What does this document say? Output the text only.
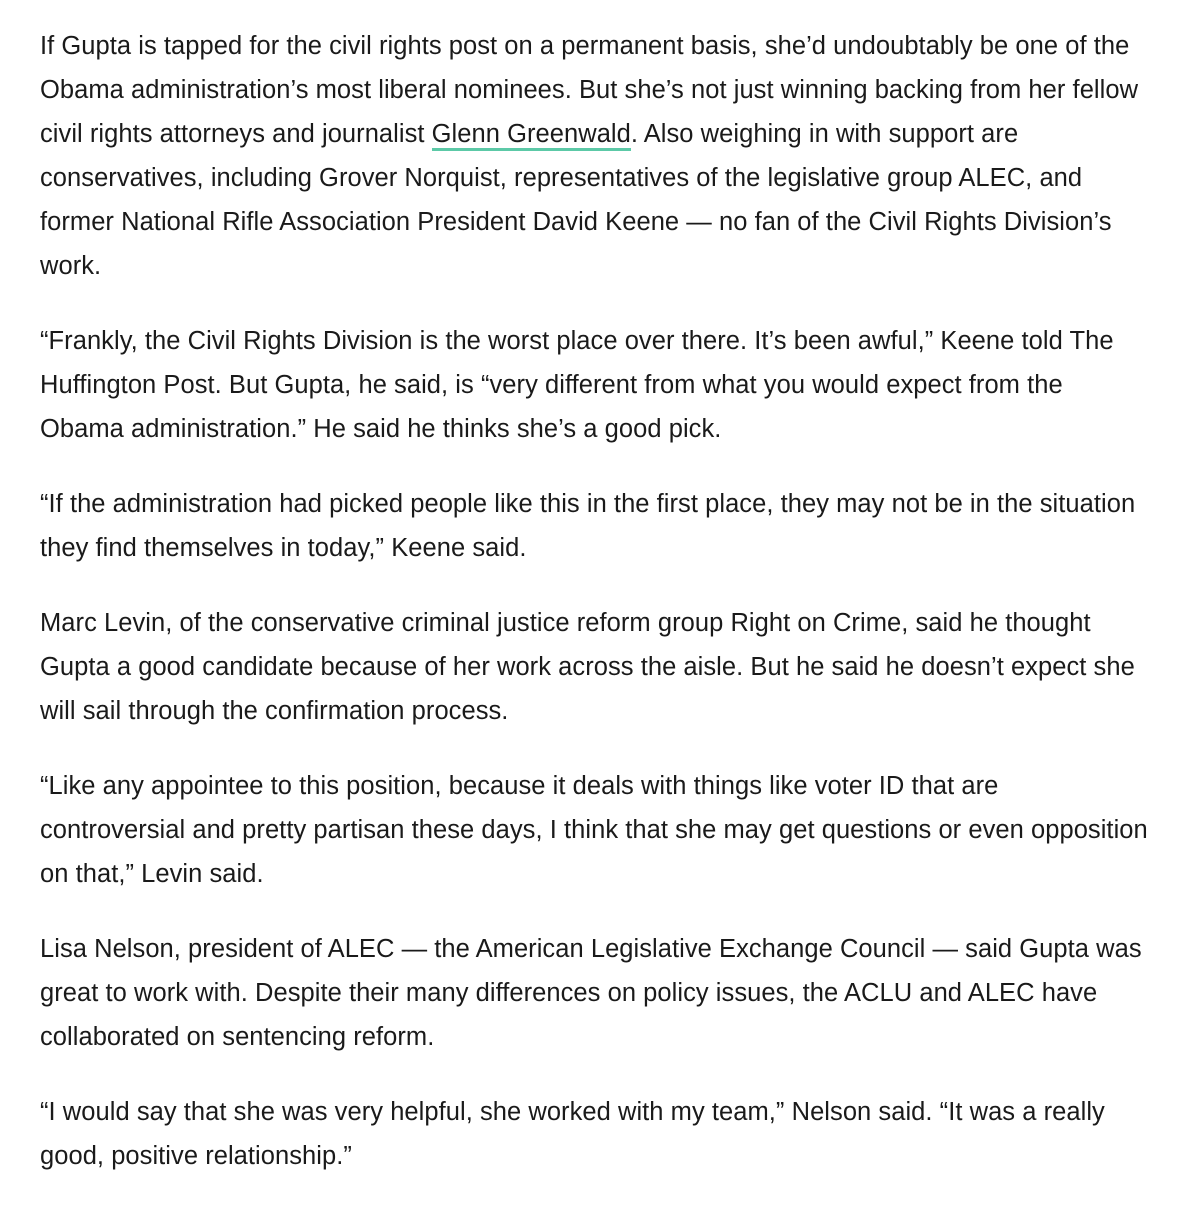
If Gupta is tapped for the civil rights post on a permanent basis, she’d undoubtably be one of the Obama administration’s most liberal nominees. But she’s not just winning backing from her fellow civil rights attorneys and journalist Glenn Greenwald. Also weighing in with support are conservatives, including Grover Norquist, representatives of the legislative group ALEC, and former National Rifle Association President David Keene — no fan of the Civil Rights Division’s work.

“Frankly, the Civil Rights Division is the worst place over there. It’s been awful,” Keene told The Huffington Post. But Gupta, he said, is “very different from what you would expect from the Obama administration.” He said he thinks she’s a good pick.

“If the administration had picked people like this in the first place, they may not be in the situation they find themselves in today,” Keene said.

Marc Levin, of the conservative criminal justice reform group Right on Crime, said he thought Gupta a good candidate because of her work across the aisle. But he said he doesn’t expect she will sail through the confirmation process.

“Like any appointee to this position, because it deals with things like voter ID that are controversial and pretty partisan these days, I think that she may get questions or even opposition on that,” Levin said.

Lisa Nelson, president of ALEC — the American Legislative Exchange Council — said Gupta was great to work with. Despite their many differences on policy issues, the ACLU and ALEC have collaborated on sentencing reform.

“I would say that she was very helpful, she worked with my team,” Nelson said. “It was a really good, positive relationship.”
